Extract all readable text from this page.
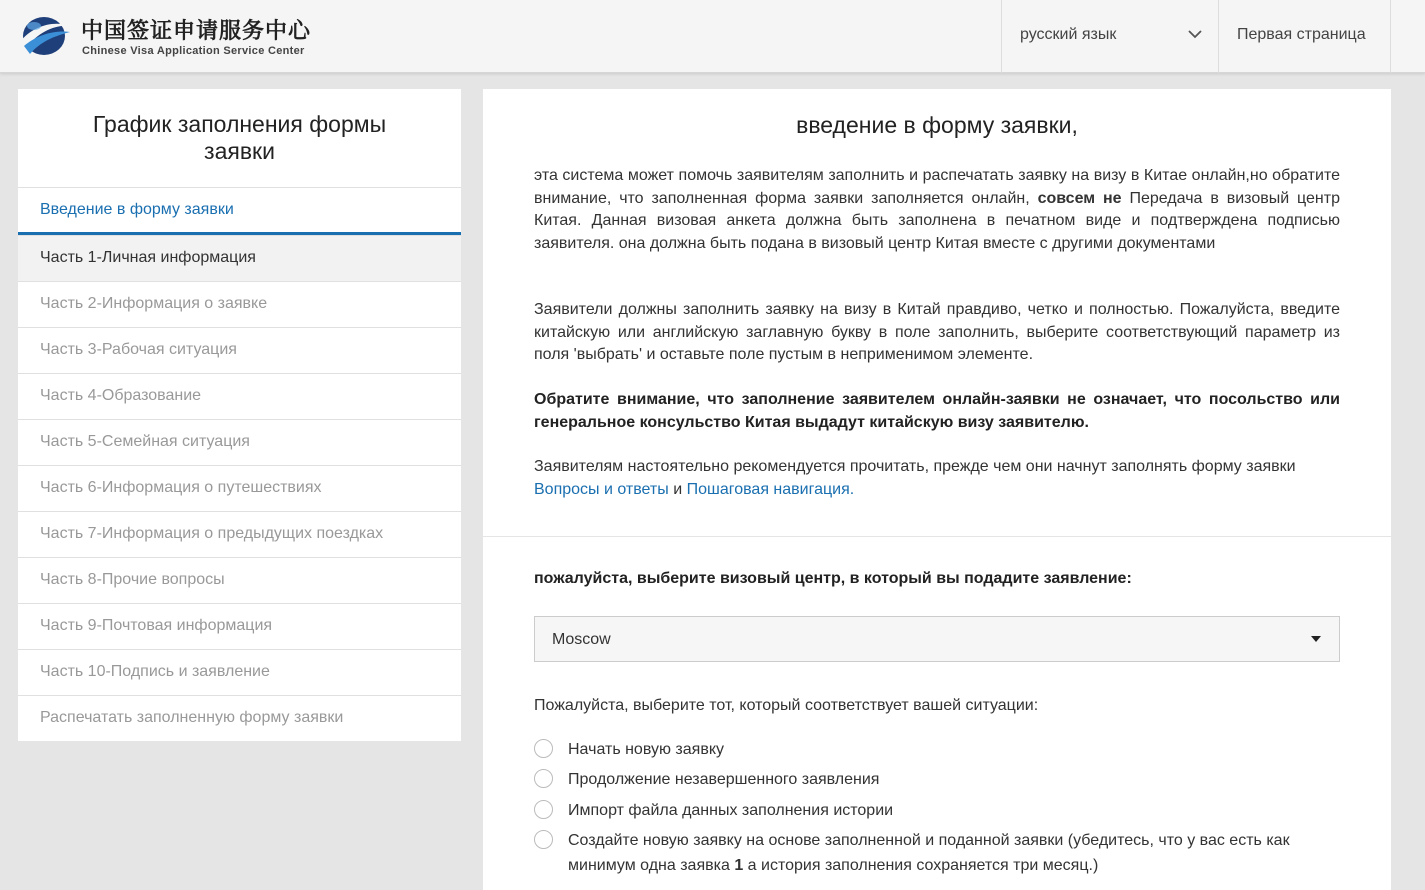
中国签证申请服务中心
Chinese Visa Application Service Center
русский язык	Первая страница
График заполнения формы заявки
Введение в форму заявки
Часть 1-Личная информация
Часть 2-Информация о заявке
Часть 3-Рабочая ситуация
Часть 4-Образование
Часть 5-Семейная ситуация
Часть 6-Информация о путешествиях
Часть 7-Информация о предыдущих поездках
Часть 8-Прочие вопросы
Часть 9-Почтовая информация
Часть 10-Подпись и заявление
Распечатать заполненную форму заявки
введение в форму заявки,
эта система может помочь заявителям заполнить и распечатать заявку на визу в Китае онлайн,но обратите внимание, что заполненная форма заявки заполняется онлайн, совсем не Передача в визовый центр Китая. Данная визовая анкета должна быть заполнена в печатном виде и подтверждена подписью заявителя. она должна быть подана в визовый центр Китая вместе с другими документами
Заявители должны заполнить заявку на визу в Китай правдиво, четко и полностью. Пожалуйста, введите китайскую или английскую заглавную букву в поле заполнить, выберите соответствующий параметр из поля 'выбрать' и оставьте поле пустым в неприменимом элементе.
Обратите внимание, что заполнение заявителем онлайн-заявки не означает, что посольство или генеральное консульство Китая выдадут китайскую визу заявителю.
Заявителям настоятельно рекомендуется прочитать, прежде чем они начнут заполнять форму заявки Вопросы и ответы и Пошаговая навигация.
пожалуйста, выберите визовый центр, в который вы подадите заявление:
Moscow
Пожалуйста, выберите тот, который соответствует вашей ситуации:
Начать новую заявку
Продолжение незавершенного заявления
Импорт файла данных заполнения истории
Создайте новую заявку на основе заполненной и поданной заявки (убедитесь, что у вас есть как минимум одна заявка 1 а история заполнения сохраняется три месяц.)
